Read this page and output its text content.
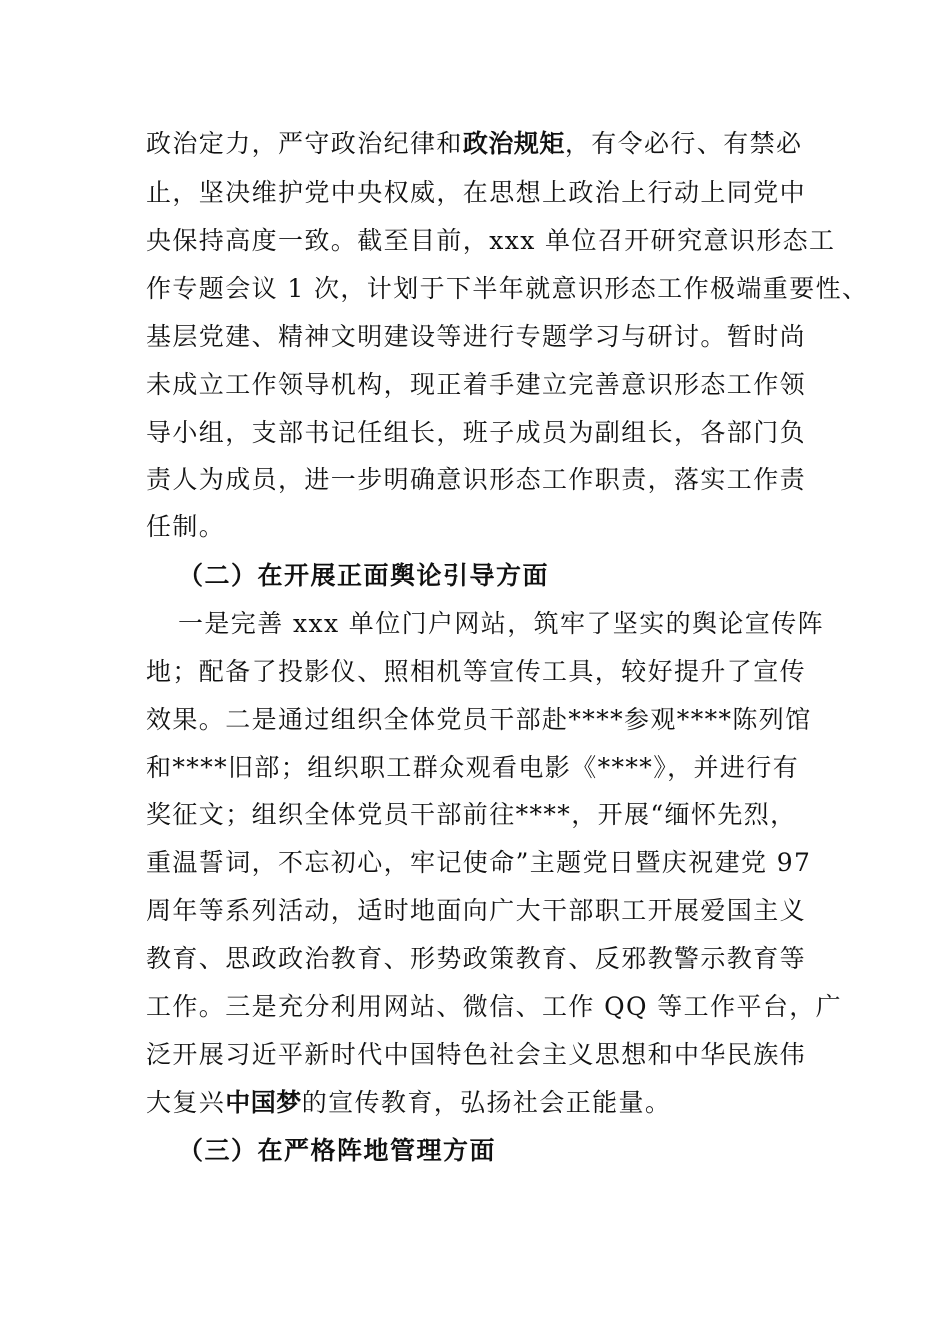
政治定力，严守政治纪律和政治规矩，有令必行、有禁必
止，坚决维护党中央权威，在思想上政治上行动上同党中
央保持高度一致。截至目前，xxx 单位召开研究意识形态工
作专题会议 1 次，计划于下半年就意识形态工作极端重要性、
基层党建、精神文明建设等进行专题学习与研讨。暂时尚
未成立工作领导机构，现正着手建立完善意识形态工作领
导小组，支部书记任组长，班子成员为副组长，各部门负
责人为成员，进一步明确意识形态工作职责，落实工作责
任制。
（二）在开展正面舆论引导方面
一是完善 xxx 单位门户网站，筑牢了坚实的舆论宣传阵
地；配备了投影仪、照相机等宣传工具，较好提升了宣传
效果。二是通过组织全体党员干部赴****参观****陈列馆
和****旧部；组织职工群众观看电影《****》，并进行有
奖征文；组织全体党员干部前往****，开展“缅怀先烈，
重温誓词，不忘初心，牢记使命”主题党日暨庆祝建党 97
周年等系列活动，适时地面向广大干部职工开展爱国主义
教育、思政政治教育、形势政策教育、反邪教警示教育等
工作。三是充分利用网站、微信、工作 QQ 等工作平台，广
泛开展习近平新时代中国特色社会主义思想和中华民族伟
大复兴中国梦的宣传教育，弘扬社会正能量。
（三）在严格阵地管理方面
